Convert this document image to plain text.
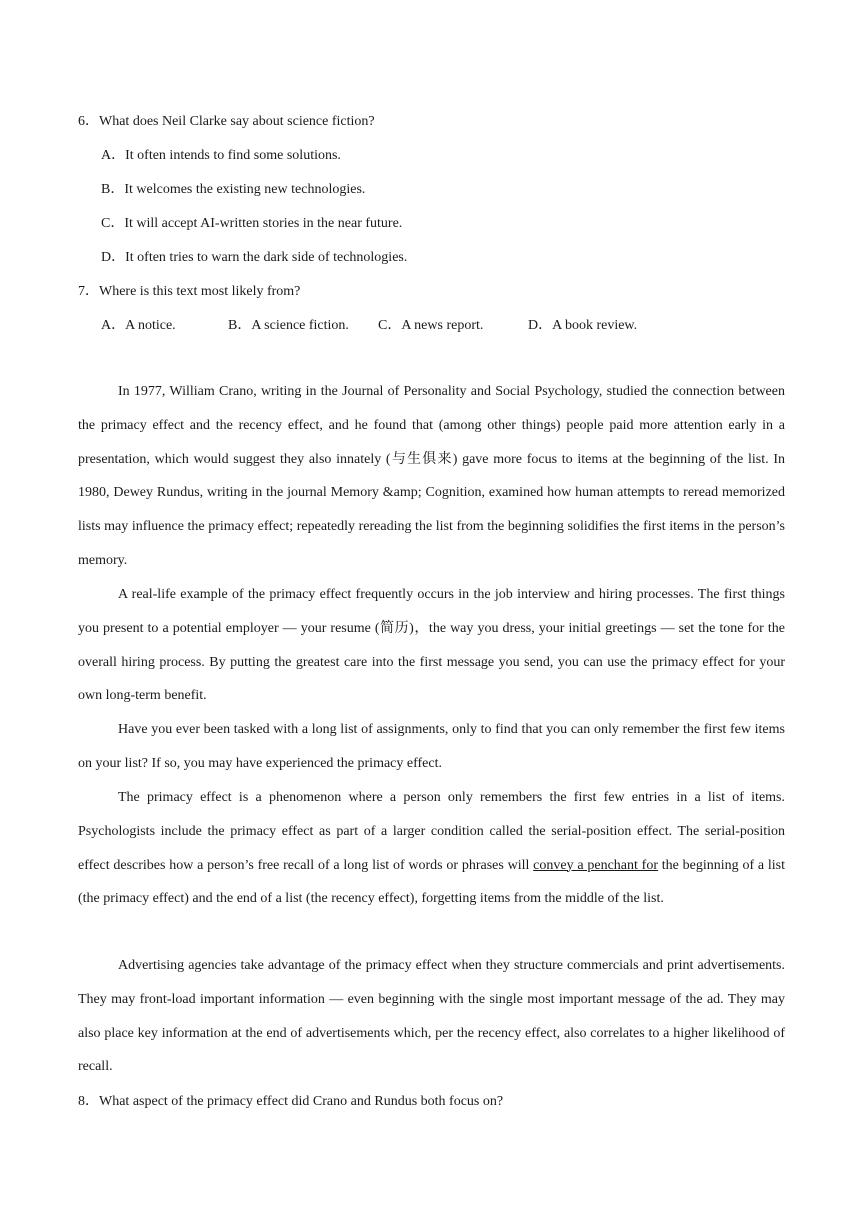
6．What does Neil Clarke say about science fiction?
A．It often intends to find some solutions.
B．It welcomes the existing new technologies.
C．It will accept AI-written stories in the near future.
D．It often tries to warn the dark side of technologies.
7．Where is this text most likely from?
A．A notice.	B．A science fiction. C．A news report.	D．A book review.

In 1977, William Crano, writing in the Journal of Personality and Social Psychology, studied the connection between the primacy effect and the recency effect, and he found that (among other things) people paid more attention early in a presentation, which would suggest they also innately (与生俱来) gave more focus to items at the beginning of the list. In 1980, Dewey Rundus, writing in the journal Memory &amp; Cognition, examined how human attempts to reread memorized lists may influence the primacy effect; repeatedly rereading the list from the beginning solidifies the first items in the person’s memory.

A real-life example of the primacy effect frequently occurs in the job interview and hiring processes. The first things you present to a potential employer — your resume (简历)，the way you dress, your initial greetings — set the tone for the overall hiring process. By putting the greatest care into the first message you send, you can use the primacy effect for your own long-term benefit.

Have you ever been tasked with a long list of assignments, only to find that you can only remember the first few items on your list? If so, you may have experienced the primacy effect.

The primacy effect is a phenomenon where a person only remembers the first few entries in a list of items. Psychologists include the primacy effect as part of a larger condition called the serial-position effect. The serial-position effect describes how a person’s free recall of a long list of words or phrases will convey a penchant for the beginning of a list (the primacy effect) and the end of a list (the recency effect), forgetting items from the middle of the list.

Advertising agencies take advantage of the primacy effect when they structure commercials and print advertisements. They may front-load important information — even beginning with the single most important message of the ad. They may also place key information at the end of advertisements which, per the recency effect, also correlates to a higher likelihood of recall.

8．What aspect of the primacy effect did Crano and Rundus both focus on?
